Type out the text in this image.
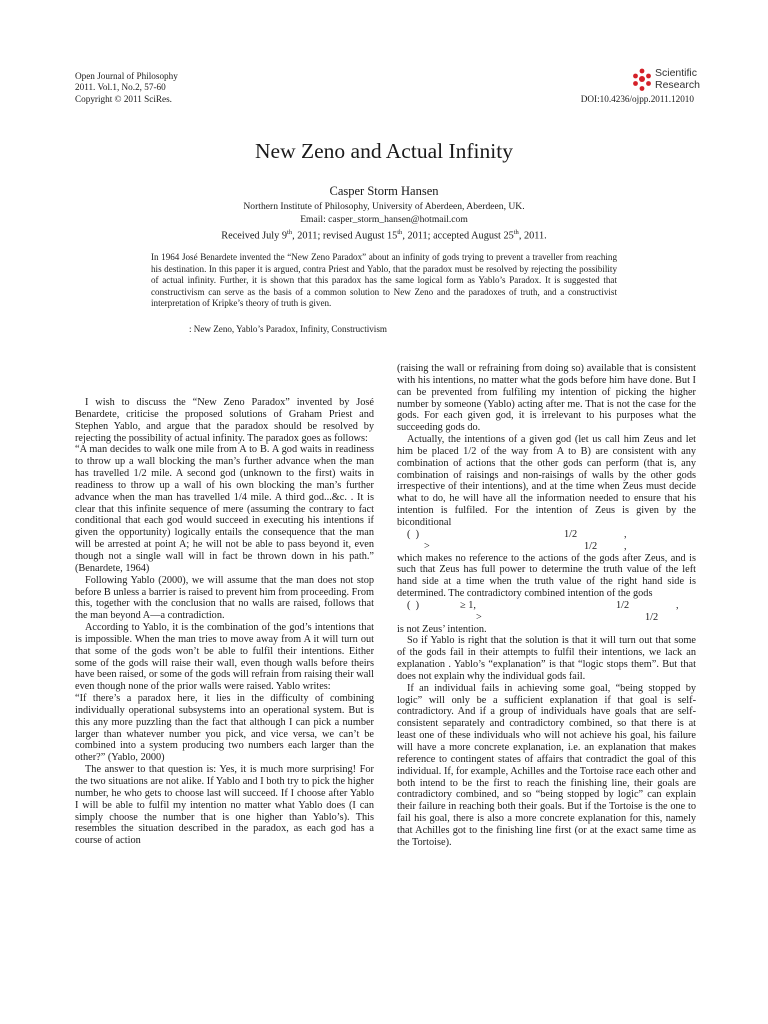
Open Journal of Philosophy
2011. Vol.1, No.2, 57-60
Copyright © 2011 SciRes.
Scientific
Research
DOI:10.4236/ojpp.2011.12010
New Zeno and Actual Infinity
Casper Storm Hansen
Northern Institute of Philosophy, University of Aberdeen, Aberdeen, UK.
Email: casper_storm_hansen@hotmail.com
Received July 9th, 2011; revised August 15th, 2011; accepted August 25th, 2011.
In 1964 José Benardete invented the “New Zeno Paradox” about an infinity of gods trying to prevent a traveller from reaching his destination. In this paper it is argued, contra Priest and Yablo, that the paradox must be resolved by rejecting the possibility of actual infinity. Further, it is shown that this paradox has the same logical form as Yablo’s Paradox. It is suggested that constructivism can serve as the basis of a common solution to New Zeno and the paradoxes of truth, and a constructivist interpretation of Kripke’s theory of truth is given.
: New Zeno, Yablo’s Paradox, Infinity, Constructivism

I wish to discuss the “New Zeno Paradox” invented by José Benardete, criticise the proposed solutions of Graham Priest and Stephen Yablo, and argue that the paradox should be resolved by rejecting the possibility of actual infinity. The paradox goes as follows:

“A man decides to walk one mile from A to B. A god waits in readiness to throw up a wall blocking the man’s further advance when the man has travelled 1/2 mile. A second god (unknown to the first) waits in readiness to throw up a wall of his own blocking the man’s further advance when the man has travelled 1/4 mile. A third god...&c. . It is clear that this infinite sequence of mere (assuming the contrary to fact conditional that each god would succeed in executing his intentions if given the opportunity) logically entails the consequence that the man will be arrested at point A; he will not be able to pass beyond it, even though not a single wall will in fact be thrown down in his path.” (Benardete, 1964)

Following Yablo (2000), we will assume that the man does not stop before B unless a barrier is raised to prevent him from proceeding. From this, together with the conclusion that no walls are raised, follows that the man beyond A—a contradiction.

According to Yablo, it is the combination of the god’s intentions that is impossible. When the man tries to move away from A it will turn out that some of the gods won’t be able to fulfil their intentions. Either some of the gods will raise their wall, even though walls before theirs have been raised, or some of the gods will refrain from raising their wall even though none of the prior walls were raised. Yablo writes:

“If there’s a paradox here, it lies in the difficulty of combining individually operational subsystems into an operational system. But is this any more puzzling than the fact that although I can pick a number larger than whatever number you pick, and vice versa, we can’t be combined into a system producing two numbers each larger than the other?” (Yablo, 2000)

The answer to that question is: Yes, it is much more surprising! For the two situations are not alike. If Yablo and I both try to pick the higher number, he who gets to choose last will succeed. If I choose after Yablo I will be able to fulfil my intention no matter what Yablo does (I can simply choose the number that is one higher than Yablo’s). This resembles the situation described in the paradox, as each god has a course of action

(raising the wall or refraining from doing so) available that is consistent with his intentions, no matter what the gods before him have done. But I can be prevented from fulfiling my intention of picking the higher number by someone (Yablo) acting after me. That is not the case for the gods. For each given god, it is irrelevant to his purposes what the succeeding gods do.

Actually, the intentions of a given god (let us call him Zeus and let him be placed 1/2 of the way from A to B) are consistent with any combination of actions that the other gods can perform (that is, any combination of raisings and non-raisings of walls by the other gods irrespective of their intentions), and at the time when Zeus must decide what to do, he will have all the information needed to ensure that his intention is fulfiled. For the intention of Zeus is given by the biconditional

(  )

	1/2

	,

>

	1/2

	,

which makes no reference to the actions of the gods after Zeus, and is such that Zeus has full power to determine the truth value of the left hand side at a time when the truth value of the right hand side is determined. The contradictory combined intention of the gods

(  )

	≥ 1,

	1/2

	,

>

	1/2

is not Zeus’ intention.

So if Yablo is right that the solution is that it will turn out that some of the gods fail in their attempts to fulfil their intentions, we lack an explanation . Yablo’s “explanation” is that “logic stops them”. But that does not explain why the individual gods fail.

If an individual fails in achieving some goal, “being stopped by logic” will only be a sufficient explanation if that goal is self-contradictory. And if a group of individuals have goals that are self-consistent separately and contradictory combined, so that there is at least one of these individuals who will not achieve his goal, his failure will have a more concrete explanation, i.e. an explanation that makes reference to contingent states of affairs that contradict the goal of this individual. If, for example, Achilles and the Tortoise race each other and both intend to be the first to reach the finishing line, their goals are contradictory combined, and so “being stopped by logic” can explain their failure in reaching both their goals. But if the Tortoise is the one to fail his goal, there is also a more concrete explanation for this, namely that Achilles got to the finishing line first (or at the exact same time as the Tortoise).
